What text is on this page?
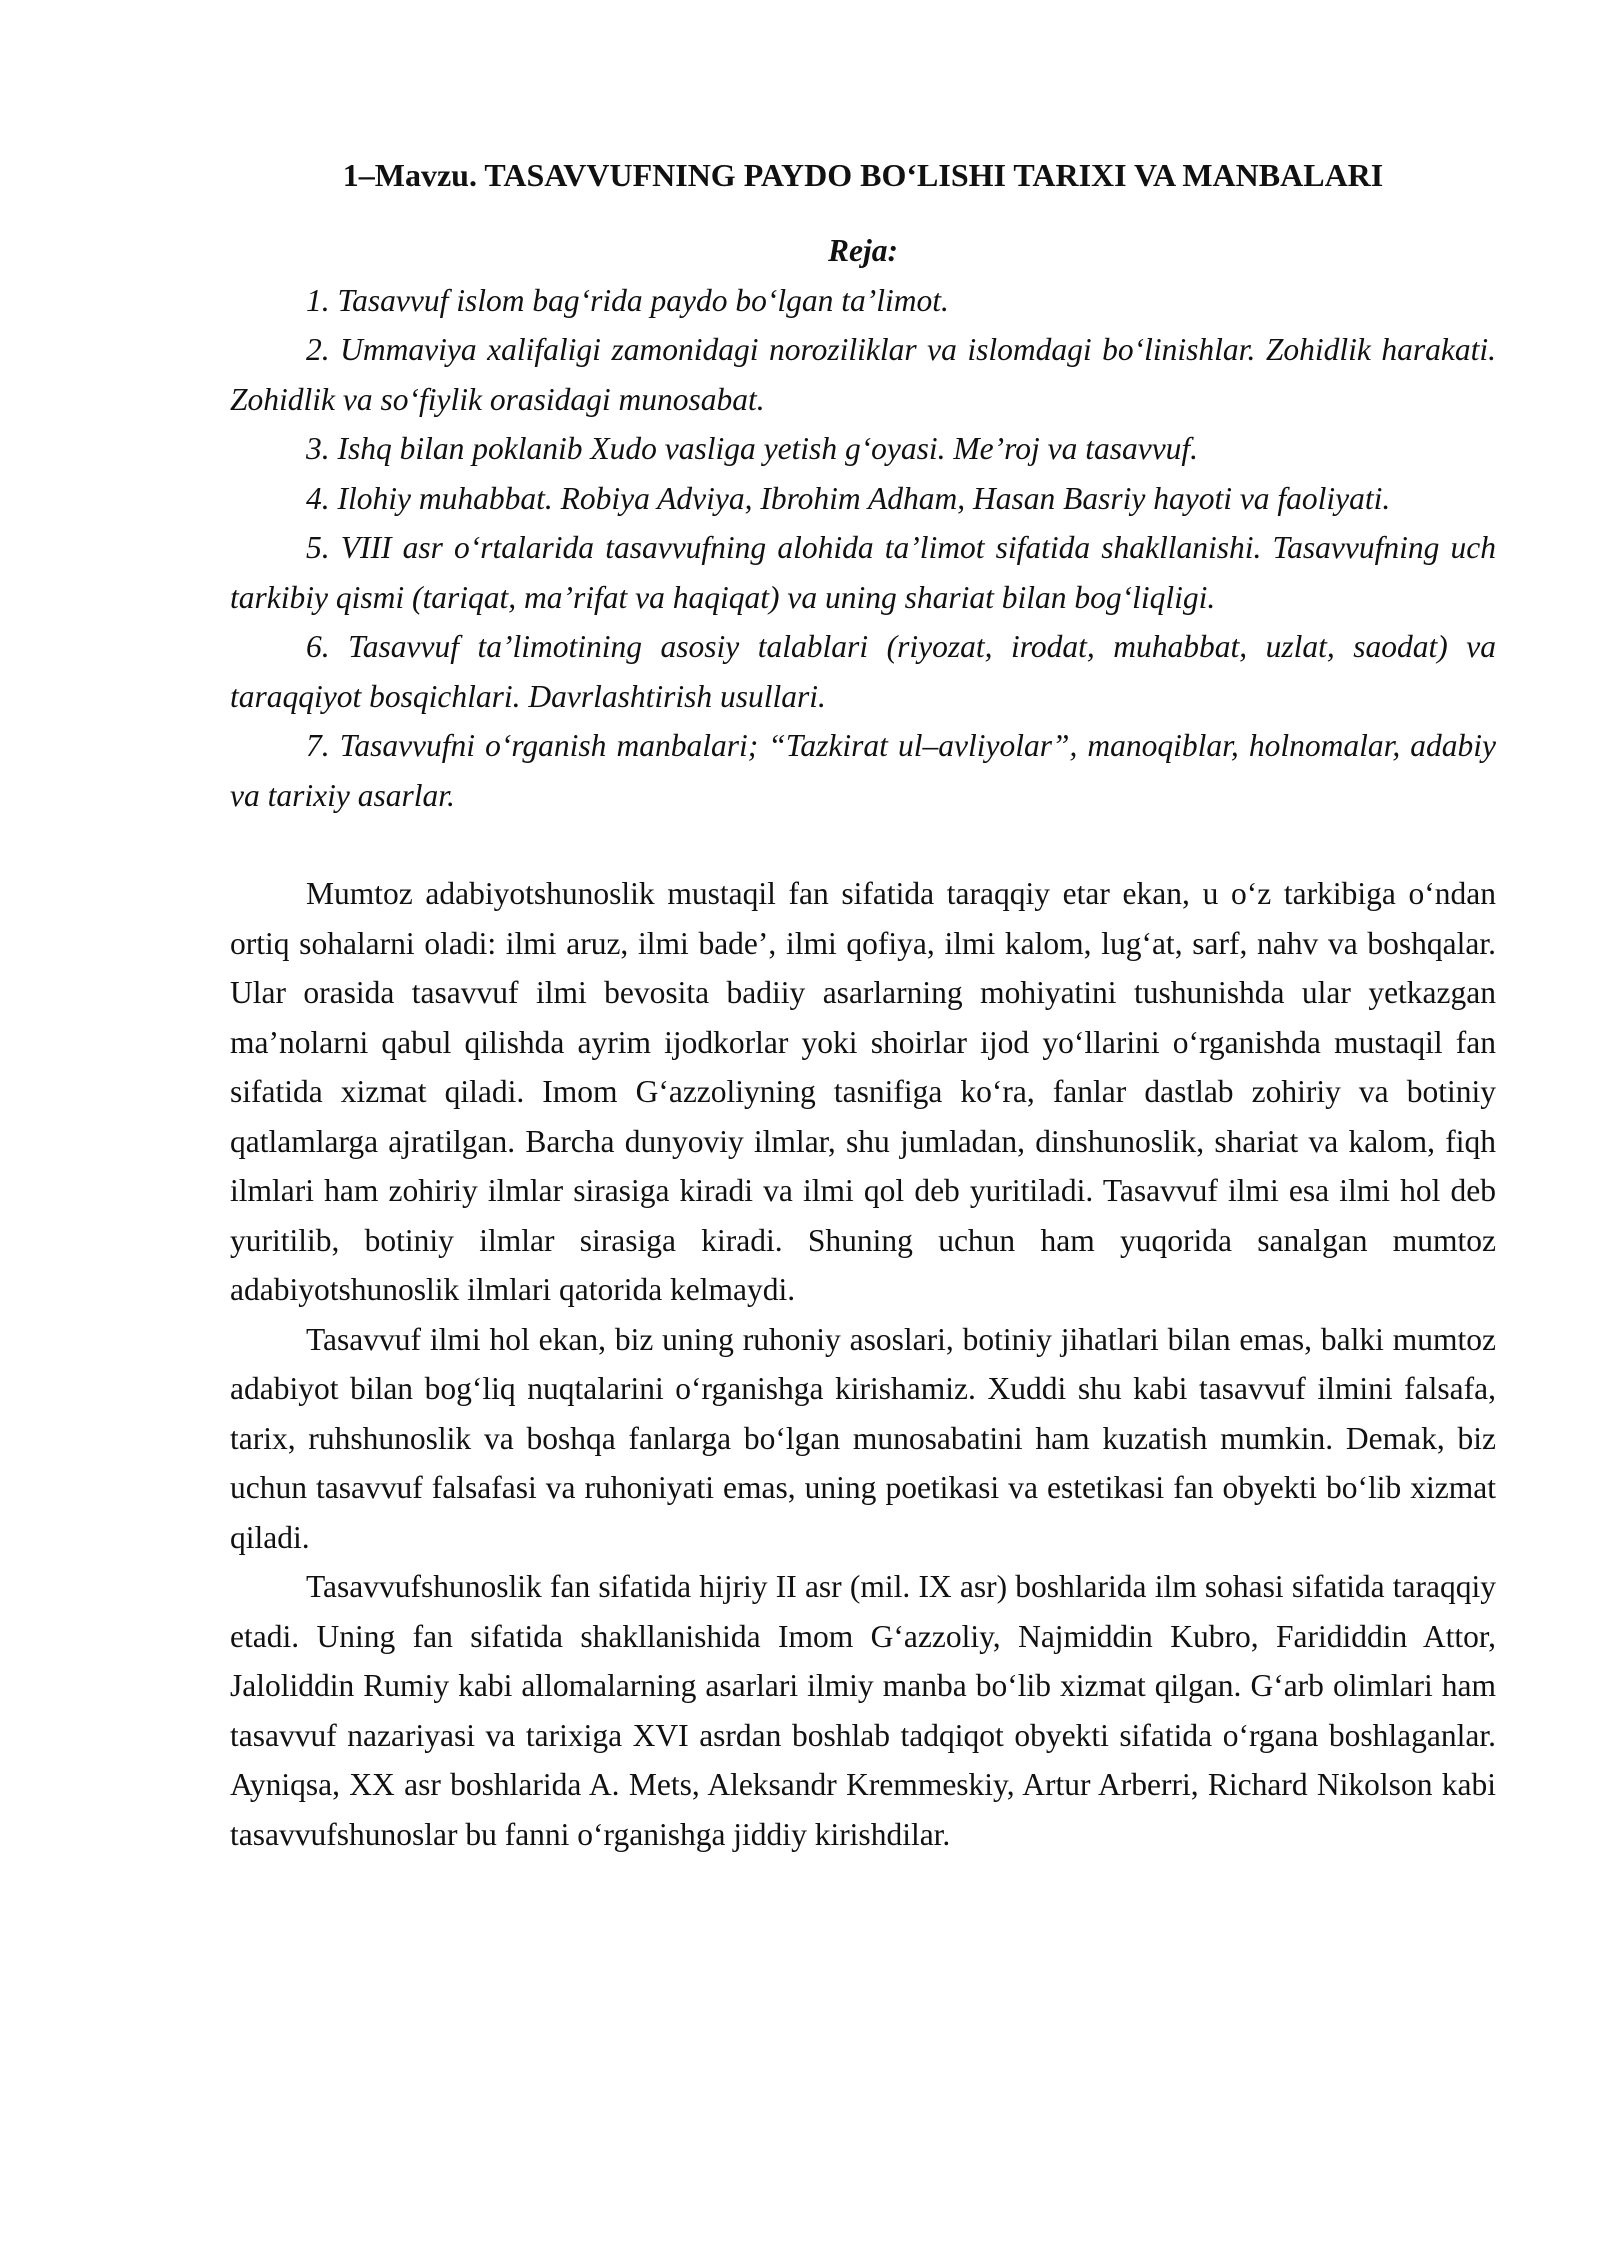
1–Mavzu. TASAVVUFNING PAYDO BO‘LISHI TARIXI VA MANBALARI

Reja:

1. Tasavvuf islom bag‘rida paydo bo‘lgan ta’limot.
2. Ummaviya xalifaligi zamonidagi noroziliklar va islomdagi bo‘linishlar. Zohidlik harakati. Zohidlik va so‘fiylik orasidagi munosabat.
3. Ishq bilan poklanib Xudo vasliga yetish g‘oyasi. Me’roj va tasavvuf.
4. Ilohiy muhabbat. Robiya Adviya, Ibrohim Adham, Hasan Basriy hayoti va faoliyati.
5. VIII asr o‘rtalarida tasavvufning alohida ta’limot sifatida shakllanishi. Tasavvufning uch tarkibiy qismi (tariqat, ma’rifat va haqiqat) va uning shariat bilan bog‘liqligi.
6. Tasavvuf ta’limotining asosiy talablari (riyozat, irodat, muhabbat, uzlat, saodat) va taraqqiyot bosqichlari. Davrlashtirish usullari.
7. Tasavvufni o‘rganish manbalari; “Tazkirat ul–avliyolar”, manoqiblar, holnomalar, adabiy va tarixiy asarlar.

Mumtoz adabiyotshunoslik mustaqil fan sifatida taraqqiy etar ekan, u o‘z tarkibiga o‘ndan ortiq sohalarni oladi: ilmi aruz, ilmi bade’, ilmi qofiya, ilmi kalom, lug‘at, sarf, nahv va boshqalar. Ular orasida tasavvuf ilmi bevosita badiiy asarlarning mohiyatini tushunishda ular yetkazgan ma’nolarni qabul qilishda ayrim ijodkorlar yoki shoirlar ijod yo‘llarini o‘rganishda mustaqil fan sifatida xizmat qiladi. Imom G‘azzoliyning tasnifiga ko‘ra, fanlar dastlab zohiriy va botiniy qatlamlarga ajratilgan. Barcha dunyoviy ilmlar, shu jumladan, dinshunoslik, shariat va kalom, fiqh ilmlari ham zohiriy ilmlar sirasiga kiradi va ilmi qol deb yuritiladi. Tasavvuf ilmi esa ilmi hol deb yuritilib, botiniy ilmlar sirasiga kiradi. Shuning uchun ham yuqorida sanalgan mumtoz adabiyotshunoslik ilmlari qatorida kelmaydi.

Tasavvuf ilmi hol ekan, biz uning ruhoniy asoslari, botiniy jihatlari bilan emas, balki mumtoz adabiyot bilan bog‘liq nuqtalarini o‘rganishga kirishamiz. Xuddi shu kabi tasavvuf ilmini falsafa, tarix, ruhshunoslik va boshqa fanlarga bo‘lgan munosabatini ham kuzatish mumkin. Demak, biz uchun tasavvuf falsafasi va ruhoniyati emas, uning poetikasi va estetikasi fan obyekti bo‘lib xizmat qiladi.

Tasavvufshunoslik fan sifatida hijriy II asr (mil. IX asr) boshlarida ilm sohasi sifatida taraqqiy etadi. Uning fan sifatida shakllanishida Imom G‘azzoliy, Najmiddin Kubro, Farididdin Attor, Jaloliddin Rumiy kabi allomalarning asarlari ilmiy manba bo‘lib xizmat qilgan. G‘arb olimlari ham tasavvuf nazariyasi va tarixiga XVI asrdan boshlab tadqiqot obyekti sifatida o‘rgana boshlaganlar. Ayniqsa, XX asr boshlarida A. Mets, Aleksandr Kremmeskiy, Artur Arberri, Richard Nikolson kabi tasavvufshunoslar bu fanni o‘rganishga jiddiy kirishdilar.
